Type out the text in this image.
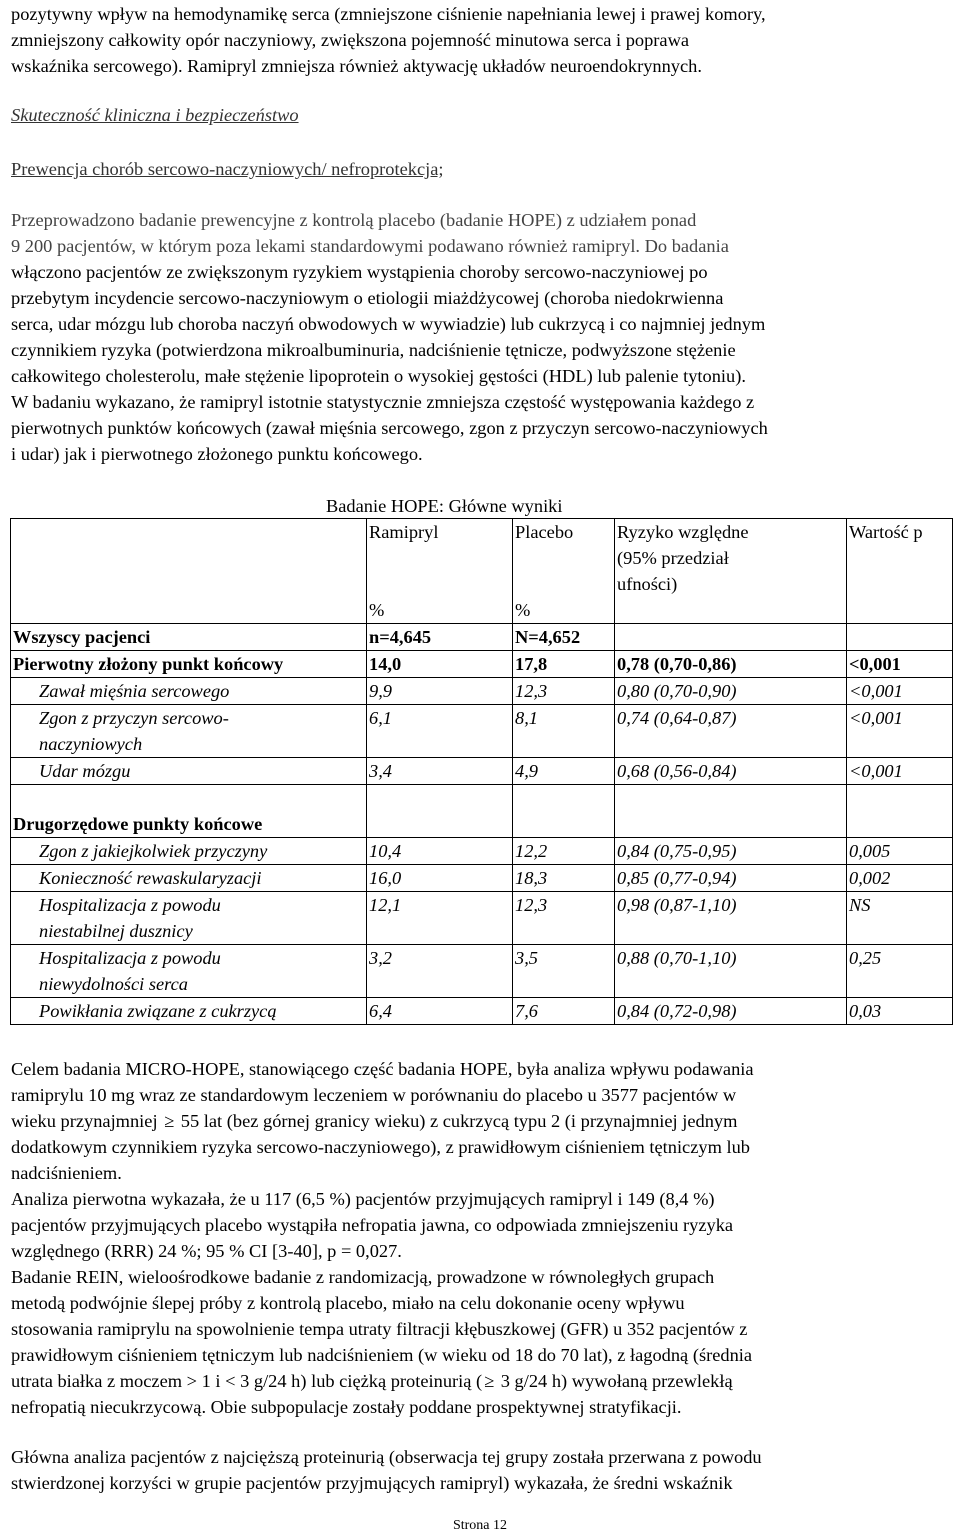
pozytywny wpływ na hemodynamikę serca (zmniejszone ciśnienie napełniania lewej i prawej komory,

zmniejszony całkowity opór naczyniowy, zwiększona pojemność minutowa serca i poprawa

wskaźnika sercowego). Ramipryl zmniejsza również aktywację układów neuroendokrynnych.

Skuteczność kliniczna i bezpieczeństwo

Prewencja chorób sercowo-naczyniowych/ nefroprotekcja;

Przeprowadzono badanie prewencyjne z kontrolą placebo (badanie HOPE) z udziałem ponad

9 200 pacjentów, w którym poza lekami standardowymi podawano również ramipryl. Do badania

włączono pacjentów ze zwiększonym ryzykiem wystąpienia choroby sercowo-naczyniowej po

przebytym incydencie sercowo-naczyniowym o etiologii miażdżycowej (choroba niedokrwienna

serca, udar mózgu lub choroba naczyń obwodowych w wywiadzie) lub cukrzycą i co najmniej jednym

czynnikiem ryzyka (potwierdzona mikroalbuminuria, nadciśnienie tętnicze, podwyższone stężenie

całkowitego cholesterolu, małe stężenie lipoprotein o wysokiej gęstości (HDL) lub palenie tytoniu).

W badaniu wykazano, że ramipryl istotnie statystycznie zmniejsza częstość występowania każdego z

pierwotnych punktów końcowych (zawał mięśnia sercowego, zgon z przyczyn sercowo-naczyniowych

i udar) jak i pierwotnego złożonego punktu końcowego.

Badanie HOPE: Główne wyniki
	Ramipryl	Placebo	Ryzyko względne
(95% przedział
ufności)	Wartość p
	%	%		
Wszyscy pacjenci	n=4,645	N=4,652		
Pierwotny złożony punkt końcowy	14,0	17,8	0,78 (0,70-0,86)	<0,001
Zawał mięśnia sercowego	9,9	12,3	0,80 (0,70-0,90)	<0,001

Zgon z przyczyn sercowo-
naczyniowych	6,1	8,1	0,74 (0,64-0,87)	<0,001
Udar mózgu	3,4	4,9	0,68 (0,56-0,84)	<0,001

Drugorzędowe punkty końcowe				
Zgon z jakiejkolwiek przyczyny	10,4	12,2	0,84 (0,75-0,95)	0,005
Konieczność rewaskularyzacji	16,0	18,3	0,85 (0,77-0,94)	0,002

Hospitalizacja z powodu
niestabilnej dusznicy	12,1	12,3	0,98 (0,87-1,10)	NS

Hospitalizacja z powodu
niewydolności serca	3,2	3,5	0,88 (0,70-1,10)	0,25
Powikłania związane z cukrzycą	6,4	7,6	0,84 (0,72-0,98)	0,03

Celem badania MICRO-HOPE, stanowiącego część badania HOPE, była analiza wpływu podawania

ramiprylu 10 mg wraz ze standardowym leczeniem w porównaniu do placebo u 3577 pacjentów w

wieku przynajmniej ≥ 55 lat (bez górnej granicy wieku) z cukrzycą typu 2 (i przynajmniej jednym

dodatkowym czynnikiem ryzyka sercowo-naczyniowego), z prawidłowym ciśnieniem tętniczym lub

nadciśnieniem.

Analiza pierwotna wykazała, że u 117 (6,5 %) pacjentów przyjmujących ramipryl i 149 (8,4 %)

pacjentów przyjmujących placebo wystąpiła nefropatia jawna, co odpowiada zmniejszeniu ryzyka

względnego (RRR) 24 %; 95 % CI [3-40], p = 0,027.

Badanie REIN, wieloośrodkowe badanie z randomizacją, prowadzone w równoległych grupach

metodą podwójnie ślepej próby z kontrolą placebo, miało na celu dokonanie oceny wpływu

stosowania ramiprylu na spowolnienie tempa utraty filtracji kłębuszkowej (GFR) u 352 pacjentów z

prawidłowym ciśnieniem tętniczym lub nadciśnieniem (w wieku od 18 do 70 lat), z łagodną (średnia

utrata białka z moczem > 1 i < 3 g/24 h) lub ciężką proteinurią ( ≥ 3 g/24 h) wywołaną przewlekłą

nefropatią niecukrzycową. Obie subpopulacje zostały poddane prospektywnej stratyfikacji.

Główna analiza pacjentów z najcięższą proteinurią (obserwacja tej grupy została przerwana z powodu

stwierdzonej korzyści w grupie pacjentów przyjmujących ramipryl) wykazała, że średni wskaźnik

Strona 12
